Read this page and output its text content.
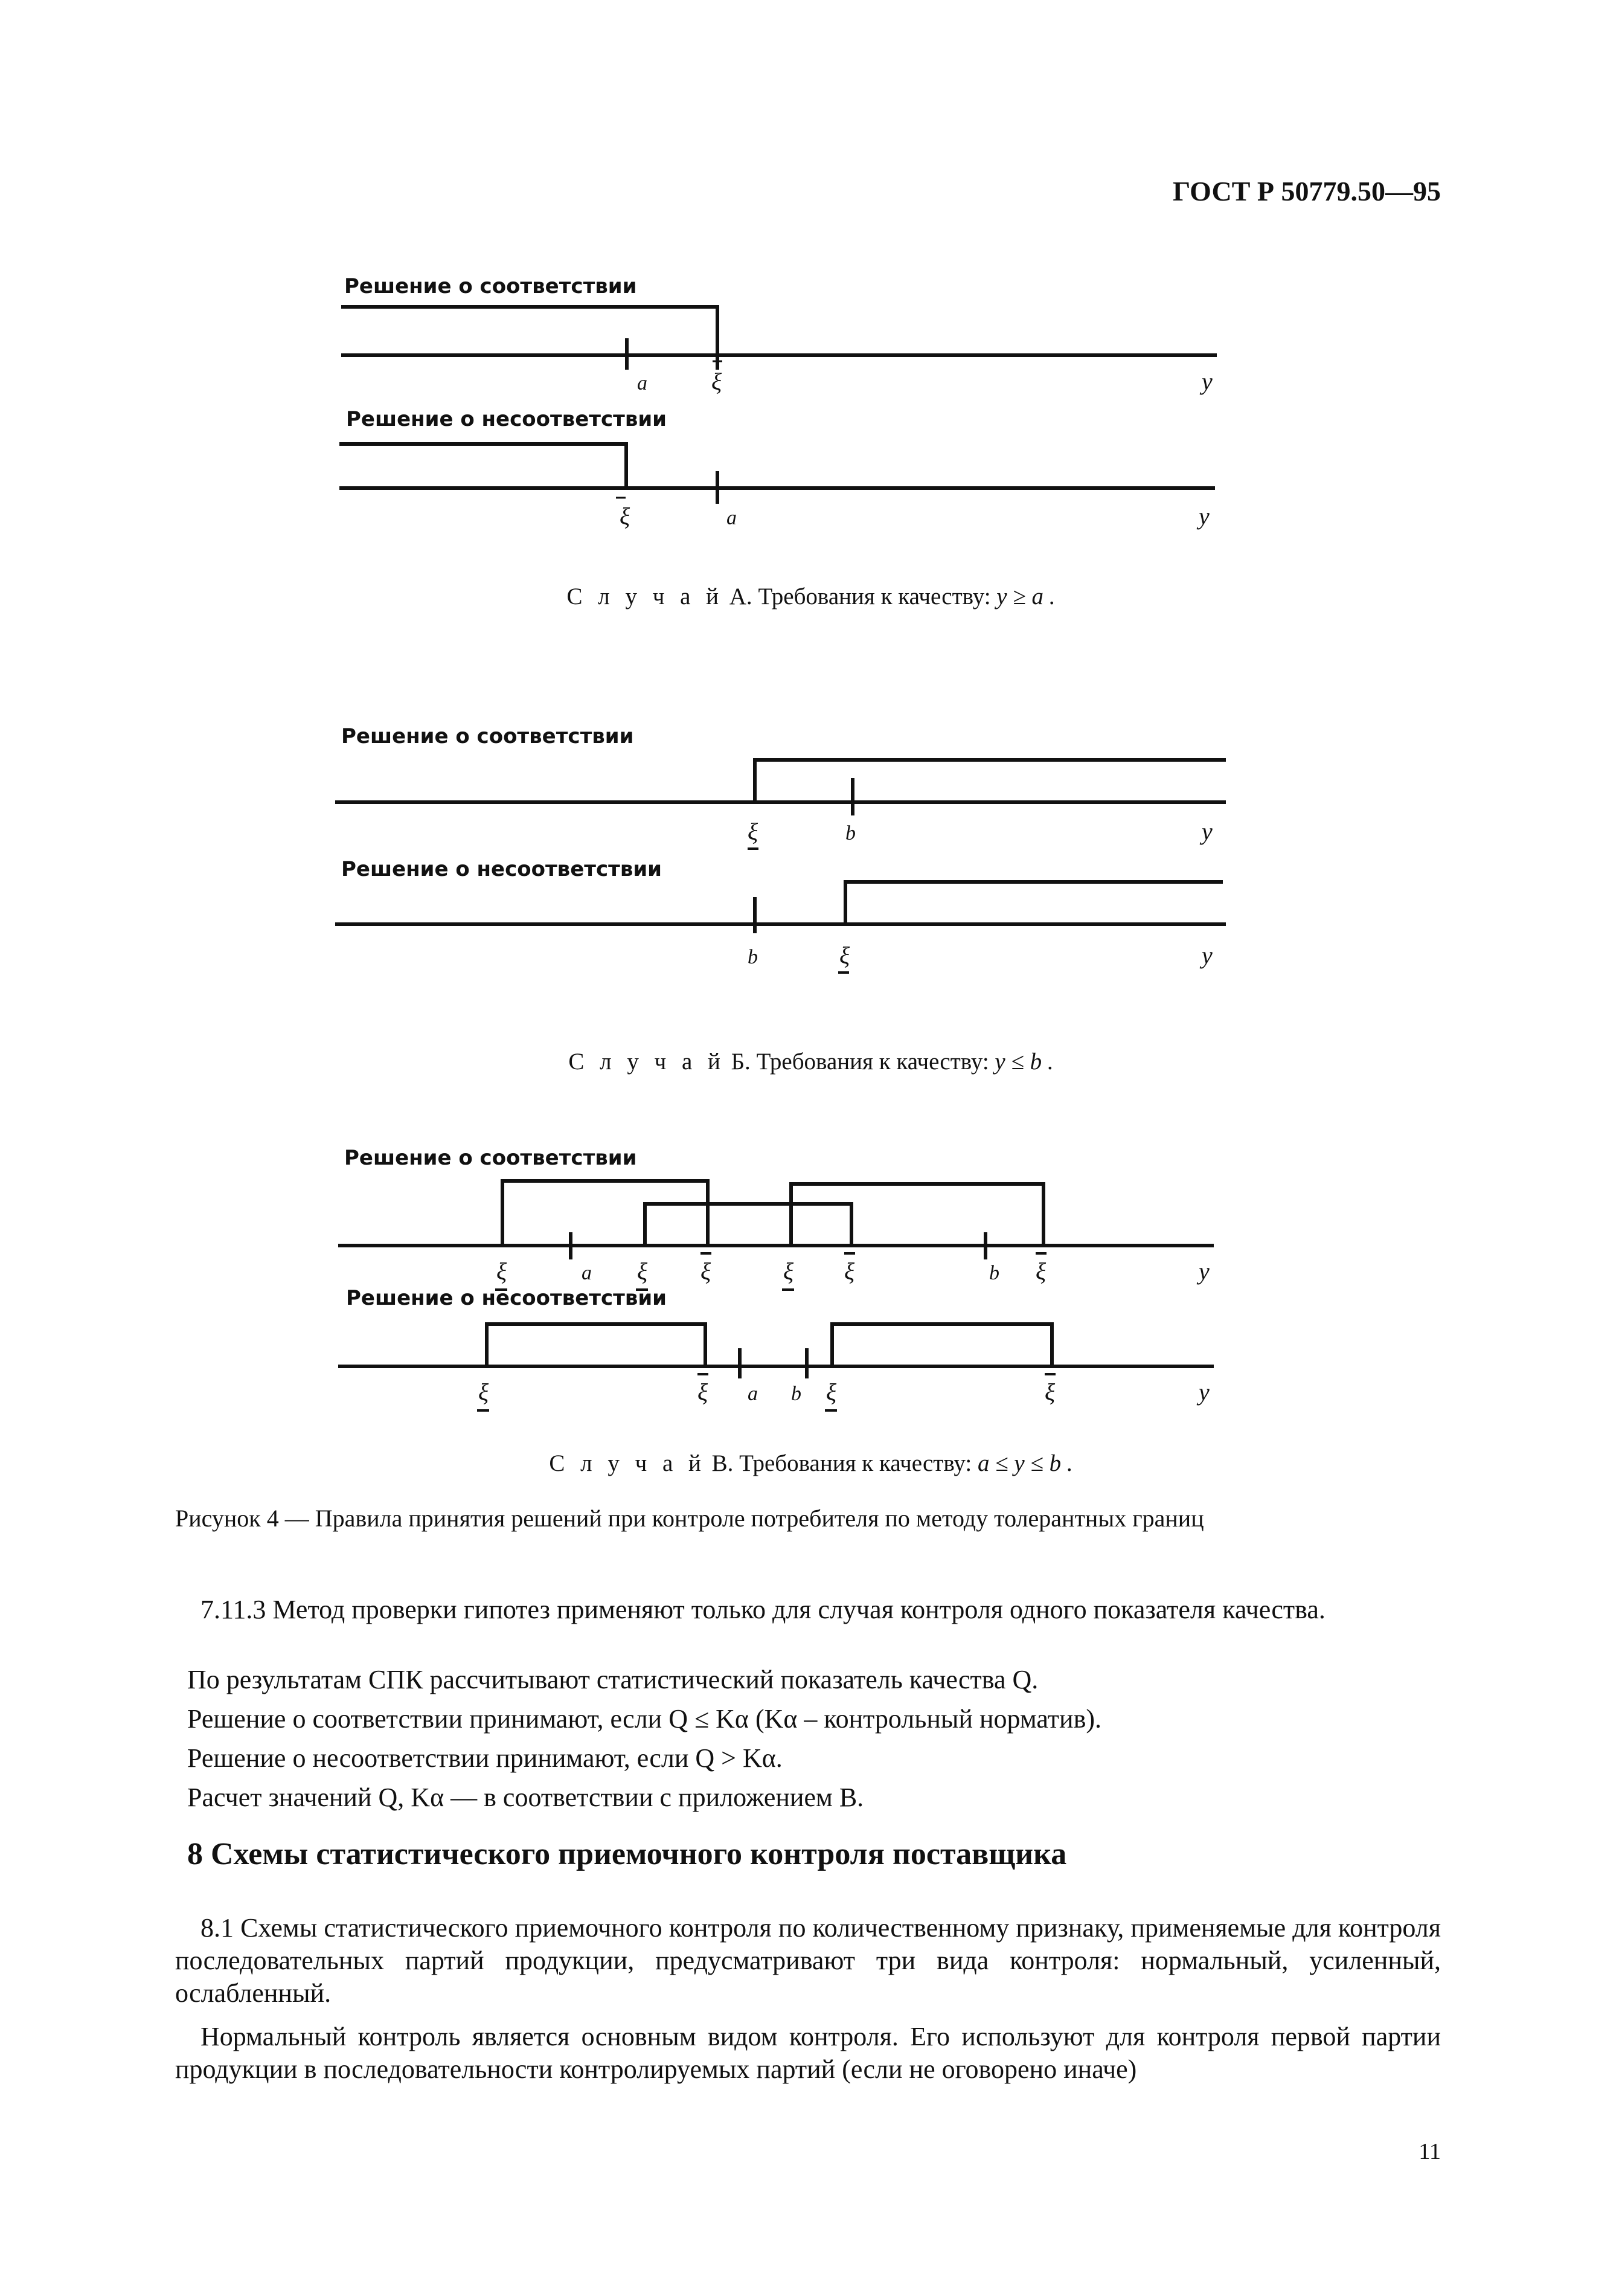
ГОСТ Р 50779.50—95
Решение о соответствии
a	ξ	y
Решение о несоответствии
ξ	a	y
Решение о соответствии
ξ	b	y
Решение о несоответствии
b	ξ	y
Решение о соответствии
ξ	a ξ ξ	ξ ξ	b ξ	y
Решение о несоответствии
ξ	ξ a b ξ	ξ	y
С л у ч а й А. Требования к качеству: y ≥ a .
С л у ч а й Б. Требования к качеству: y ≤ b .
С л у ч а й В. Требования к качеству: a ≤ y ≤ b .
Рисунок 4 — Правила принятия решений при контроле потребителя по методу толерантных границ
7.11.3 Метод проверки гипотез применяют только для случая контроля одного показателя качества.
По результатам СПК рассчитывают статистический показатель качества Q.
Решение о соответствии принимают, если Q ≤ Kα (Kα – контрольный норматив).
Решение о несоответствии принимают, если Q > Kα.
Расчет значений Q, Kα — в соответствии с приложением В.
8 Схемы статистического приемочного контроля поставщика
8.1 Схемы статистического приемочного контроля по количественному признаку, применяемые для контроля последовательных партий продукции, предусматривают три вида контроля: нормальный, усиленный, ослабленный.
Нормальный контроль является основным видом контроля. Его используют для контроля первой партии продукции в последовательности контролируемых партий (если не оговорено иначе)
11
